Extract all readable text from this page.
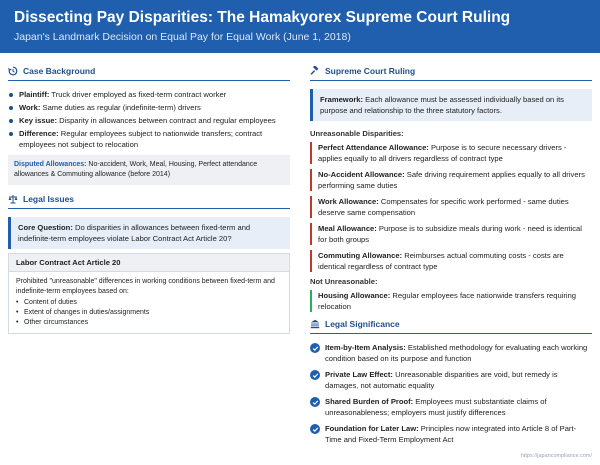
Dissecting Pay Disparities: The Hamakyorex Supreme Court Ruling
Japan's Landmark Decision on Equal Pay for Equal Work (June 1, 2018)
Case Background
Plaintiff: Truck driver employed as fixed-term contract worker
Work: Same duties as regular (indefinite-term) drivers
Key issue: Disparity in allowances between contract and regular employees
Difference: Regular employees subject to nationwide transfers; contract employees not subject to relocation
Disputed Allowances: No-accident, Work, Meal, Housing, Perfect attendance allowances & Commuting allowance (before 2014)
Legal Issues
Core Question: Do disparities in allowances between fixed-term and indefinite-term employees violate Labor Contract Act Article 20?
Labor Contract Act Article 20
Prohibited "unreasonable" differences in working conditions between fixed-term and indefinite-term employees based on:
• Content of duties
• Extent of changes in duties/assignments
• Other circumstances
Supreme Court Ruling
Framework: Each allowance must be assessed individually based on its purpose and relationship to the three statutory factors.
Unreasonable Disparities:
Perfect Attendance Allowance: Purpose is to secure necessary drivers - applies equally to all drivers regardless of contract type
No-Accident Allowance: Safe driving requirement applies equally to all drivers performing same duties
Work Allowance: Compensates for specific work performed - same duties deserve same compensation
Meal Allowance: Purpose is to subsidize meals during work - need is identical for both groups
Commuting Allowance: Reimburses actual commuting costs - costs are identical regardless of contract type
Not Unreasonable:
Housing Allowance: Regular employees face nationwide transfers requiring relocation
Legal Significance
Item-by-Item Analysis: Established methodology for evaluating each working condition based on its purpose and function
Private Law Effect: Unreasonable disparities are void, but remedy is damages, not automatic equality
Shared Burden of Proof: Employees must substantiate claims of unreasonableness; employers must justify differences
Foundation for Later Law: Principles now integrated into Article 8 of Part-Time and Fixed-Term Employment Act
https://japancompliance.com/
